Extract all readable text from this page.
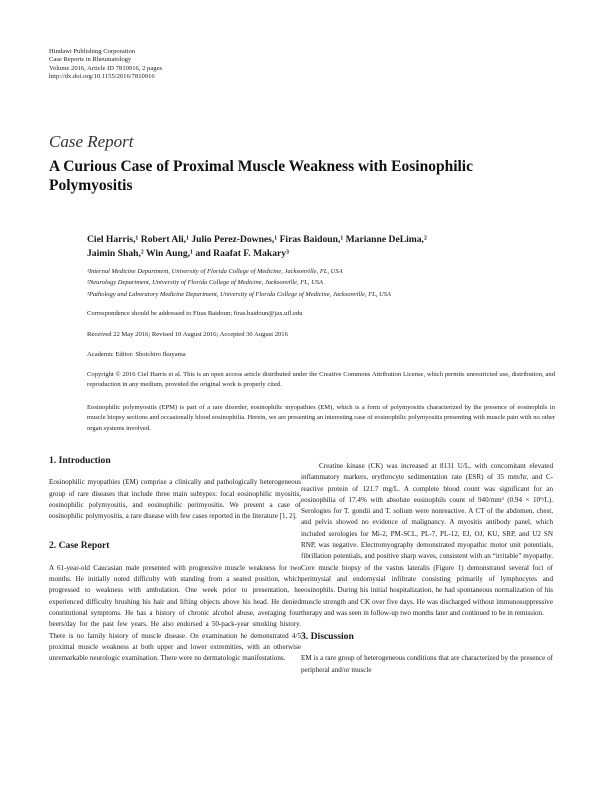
Hindawi Publishing Corporation
Case Reports in Rheumatology
Volume 2016, Article ID 7810916, 2 pages
http://dx.doi.org/10.1155/2016/7810916
Case Report
A Curious Case of Proximal Muscle Weakness with Eosinophilic Polymyositis
Ciel Harris,¹ Robert Ali,¹ Julio Perez-Downes,¹ Firas Baidoun,¹ Marianne DeLima,²
Jaimin Shah,² Win Aung,¹ and Raafat F. Makary³
¹Internal Medicine Department, University of Florida College of Medicine, Jacksonville, FL, USA
²Neurology Department, University of Florida College of Medicine, Jacksonville, FL, USA
³Pathology and Laboratory Medicine Department, University of Florida College of Medicine, Jacksonville, FL, USA
Correspondence should be addressed to Firas Baidoun; firas.baidoun@jax.ufl.edu
Received 22 May 2016; Revised 10 August 2016; Accepted 30 August 2016
Academic Editor: Shoichiro Ikuyama
Copyright © 2016 Ciel Harris et al. This is an open access article distributed under the Creative Commons Attribution License, which permits unrestricted use, distribution, and reproduction in any medium, provided the original work is properly cited.
Eosinophilic polymyositis (EPM) is part of a rare disorder, eosinophilic myopathies (EM), which is a form of polymyositis characterized by the presence of eosinophils in muscle biopsy sections and occasionally blood eosinophilia. Herein, we are presenting an interesting case of eosinophilic polymyositis presenting with muscle pain with no other organ systems involved.
1. Introduction

Eosinophilic myopathies (EM) comprise a clinically and pathologically heterogeneous group of rare diseases that include three main subtypes: focal eosinophilic myositis, eosinophilic polymyositis, and eosinophilic perimyositis. We present a case of eosinophilic polymyositis, a rare disease with few cases reported in the literature [1, 2].

2. Case Report

A 61-year-old Caucasian male presented with progressive muscle weakness for two months. He initially noted difficulty with standing from a seated position, which progressed to weakness with ambulation. One week prior to presentation, he experienced difficulty brushing his hair and lifting objects above his head. He denied constitutional symptoms. He has a history of chronic alcohol abuse, averaging four beers/day for the past few years. He also endorsed a 50-pack-year smoking history. There is no family history of muscle disease. On examination he demonstrated 4/5 proximal muscle weakness at both upper and lower extremities, with an otherwise unremarkable neurologic examination. There were no dermatologic manifestations.

Creatine kinase (CK) was increased at 8131 U/L, with concomitant elevated inflammatory markers, erythrocyte sedimentation rate (ESR) of 35 mm/hr, and C-reactive protein of 121.7 mg/L. A complete blood count was significant for an eosinophilia of 17.4% with absolute eosinophils count of 940/mm³ (0.94 × 10⁹/L). Serologies for T. gondii and T. solium were nonreactive. A CT of the abdomen, chest, and pelvis showed no evidence of malignancy. A myositis antibody panel, which included serologies for Mi-2, PM-SCL, PL-7, PL-12, EJ, OJ, KU, SRP, and U2 SN RNP, was negative. Electromyography demonstrated myopathic motor unit potentials, fibrillation potentials, and positive sharp waves, consistent with an “irritable” myopathy. Core muscle biopsy of the vastus lateralis (Figure 1) demonstrated several foci of perimysial and endomysial infiltrate consisting primarily of lymphocytes and eosinophils. During his initial hospitalization, he had spontaneous normalization of his muscle strength and CK over five days. He was discharged without immunosuppressive therapy and was seen in follow-up two months later and continued to be in remission.

3. Discussion

EM is a rare group of heterogeneous conditions that are characterized by the presence of peripheral and/or muscle
